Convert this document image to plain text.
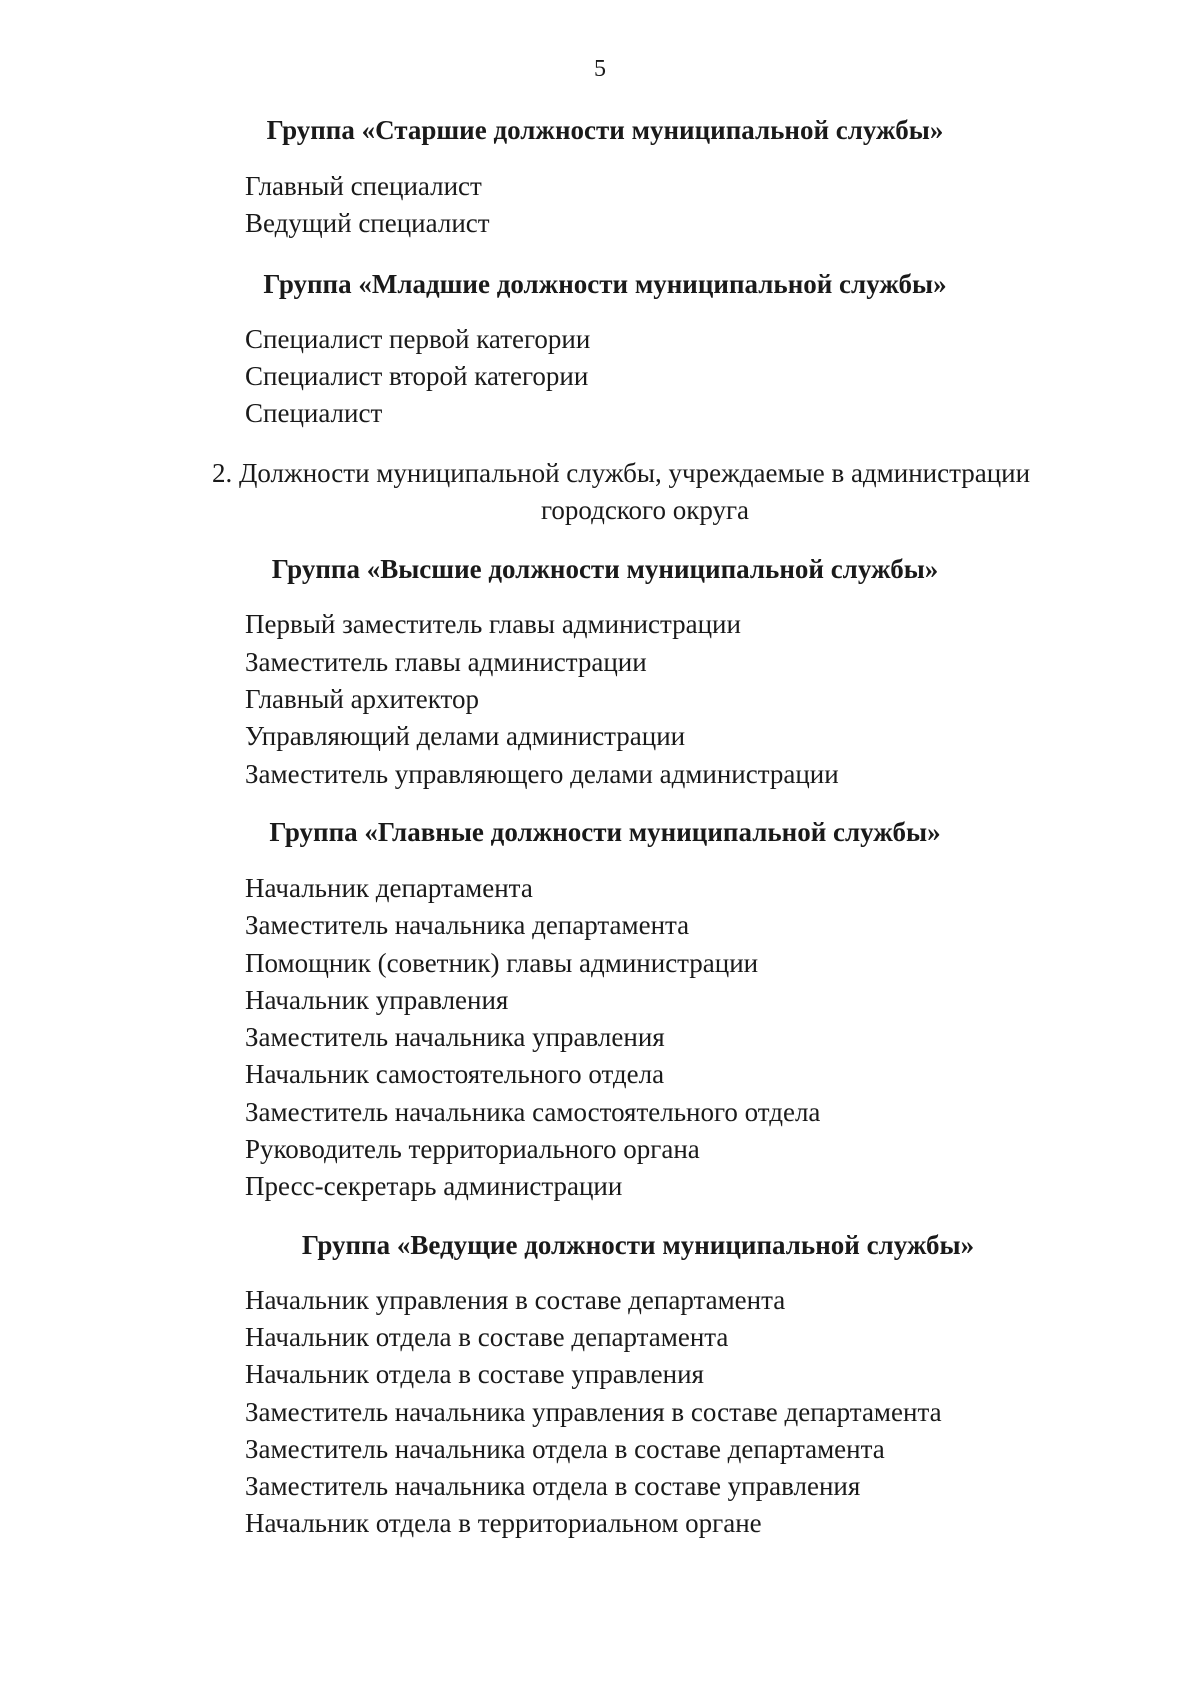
5
Группа «Старшие должности муниципальной службы»
Главный специалист
Ведущий специалист
Группа «Младшие должности муниципальной службы»
Специалист первой категории
Специалист второй категории
Специалист
2. Должности муниципальной службы, учреждаемые в администрации
городского округа
Группа «Высшие должности муниципальной службы»
Первый заместитель главы администрации
Заместитель главы администрации
Главный архитектор
Управляющий делами администрации
Заместитель управляющего делами администрации
Группа «Главные должности муниципальной службы»
Начальник департамента
Заместитель начальника департамента
Помощник (советник) главы администрации
Начальник управления
Заместитель начальника управления
Начальник самостоятельного отдела
Заместитель начальника самостоятельного отдела
Руководитель территориального органа
Пресс-секретарь администрации
Группа «Ведущие должности муниципальной службы»
Начальник управления в составе департамента
Начальник отдела в составе департамента
Начальник отдела в составе управления
Заместитель начальника управления в составе департамента
Заместитель начальника отдела в составе департамента
Заместитель начальника отдела в составе управления
Начальник отдела в территориальном органе
